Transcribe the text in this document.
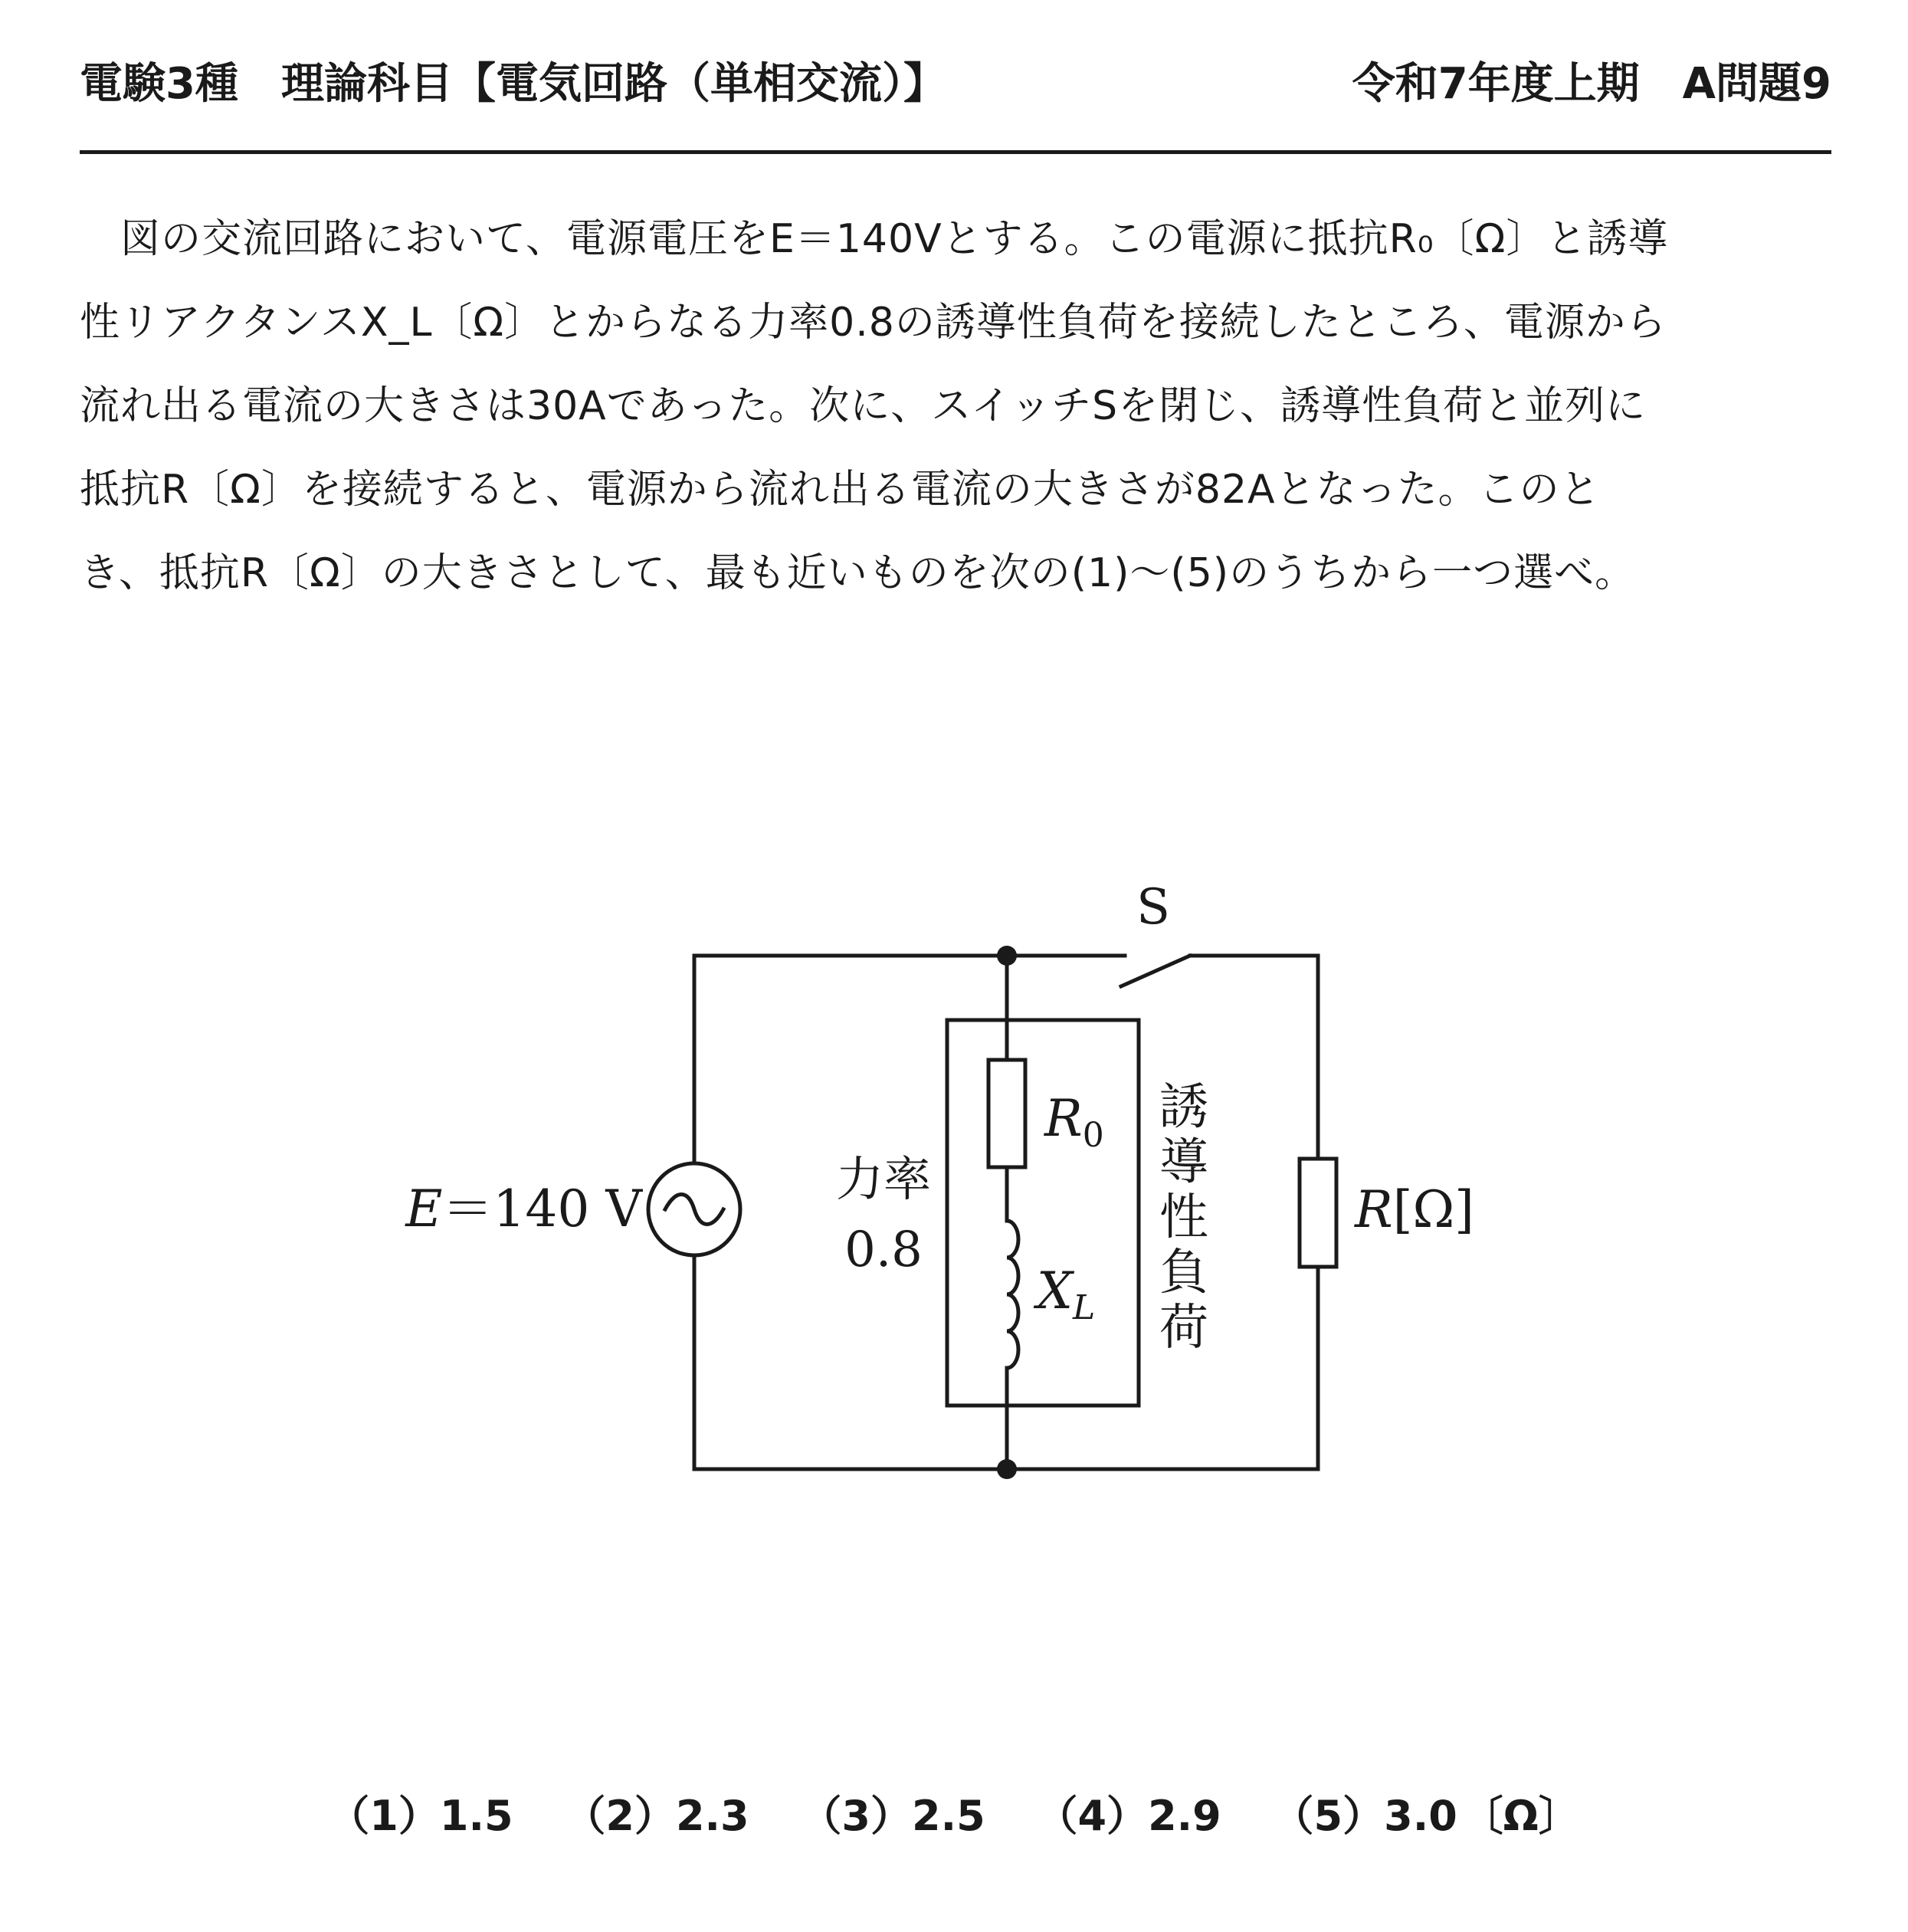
電験3種　理論科目【電気回路（単相交流）】	令和7年度上期　A問題9
　図の交流回路において、電源電圧をE＝140Vとする。この電源に抵抗R₀〔Ω〕と誘導
性リアクタンスX_L〔Ω〕とからなる力率0.8の誘導性負荷を接続したところ、電源から
流れ出る電流の大きさは30Aであった。次に、スイッチSを閉じ、誘導性負荷と並列に
抵抗R〔Ω〕を接続すると、電源から流れ出る電流の大きさが82Aとなった。このと
き、抵抗R〔Ω〕の大きさとして、最も近いものを次の(1)〜(5)のうちから一つ選べ。
S
E＝140 V
$R_0$
$X_L$
力率
0.8
誘
導
性
負
荷
R[Ω]
（1）1.5 （2）2.3 （3）2.5 （4）2.9 （5）3.0 〔Ω〕
